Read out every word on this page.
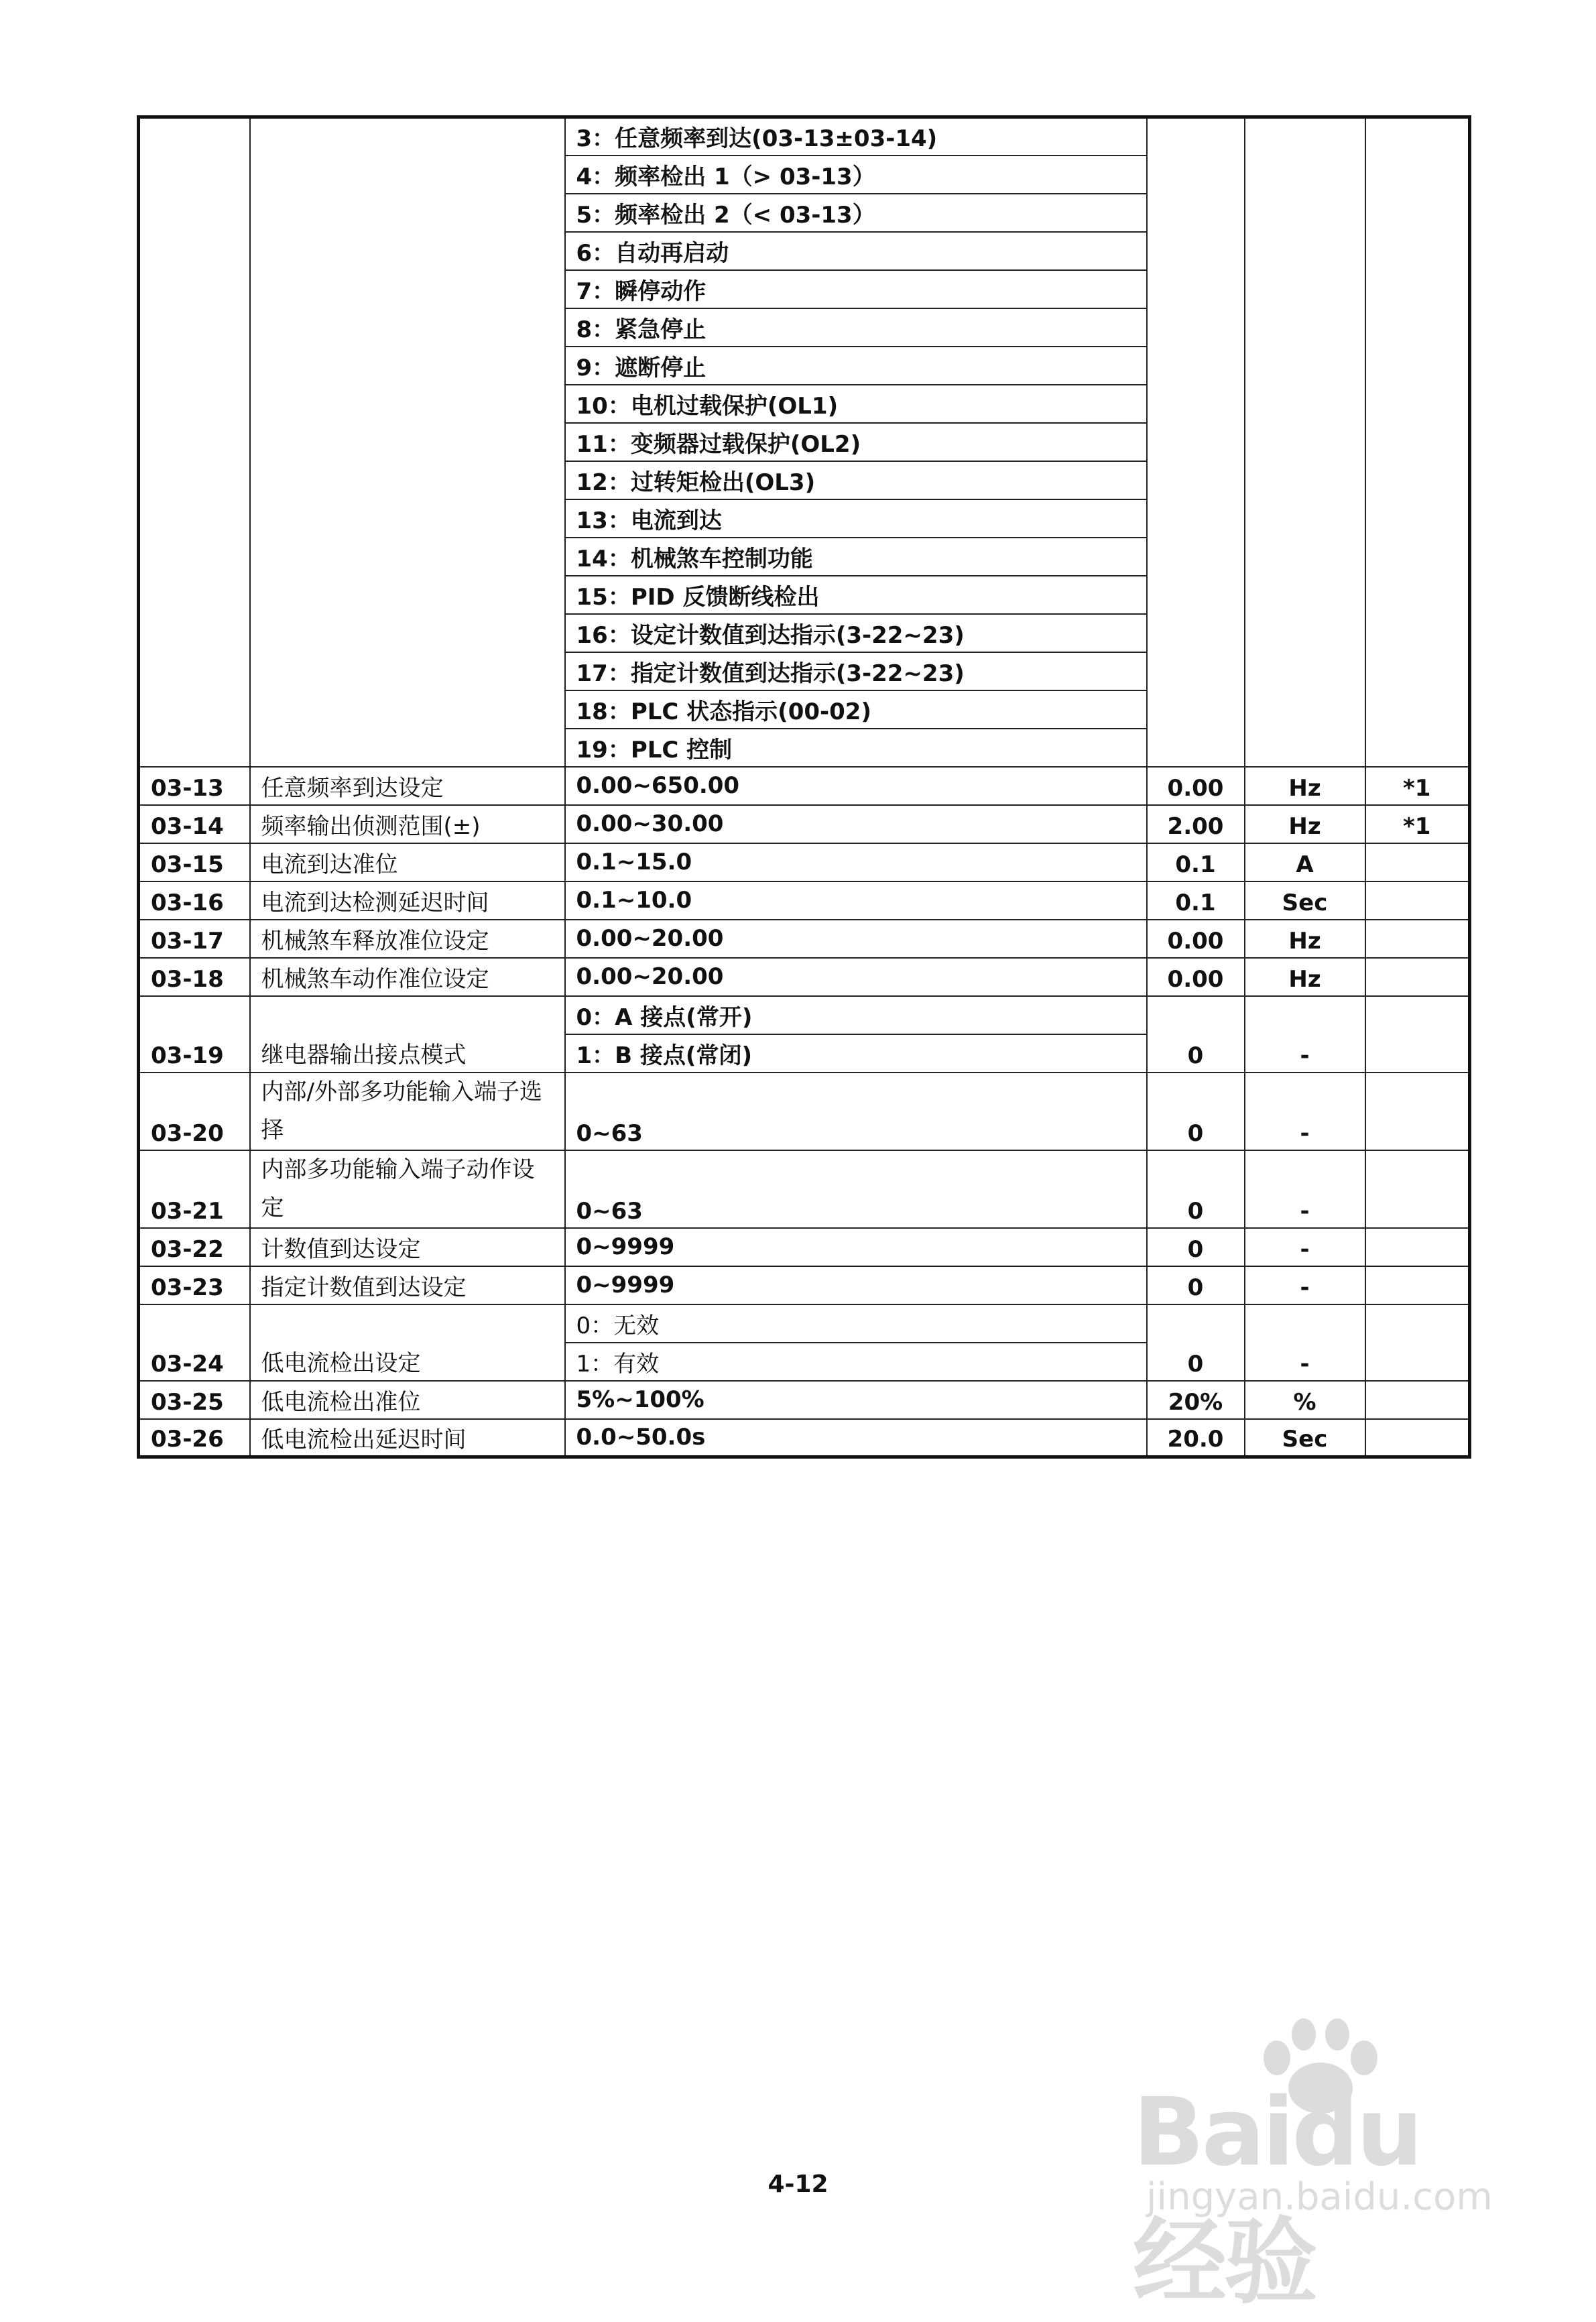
		3：任意频率到达(03-13±03-14)			
		4：频率检出 1（> 03-13）			
		5：频率检出 2（< 03-13）			
		6：自动再启动			
		7：瞬停动作			
		8：紧急停止			
		9：遮断停止			
		10：电机过载保护(OL1)			
		11：变频器过载保护(OL2)			
		12：过转矩检出(OL3)			
		13：电流到达			
		14：机械煞车控制功能			
		15：PID 反馈断线检出			
		16：设定计数值到达指示(3-22~23)			
		17：指定计数值到达指示(3-22~23)			
		18：PLC 状态指示(00-02)			
		19：PLC 控制			
03-13	任意频率到达设定	0.00~650.00	0.00	Hz	*1
03-14	频率输出侦测范围(±)	0.00~30.00	2.00	Hz	*1
03-15	电流到达准位	0.1~15.0	0.1	A	
03-16	电流到达检测延迟时间	0.1~10.0	0.1	Sec	
03-17	机械煞车释放准位设定	0.00~20.00	0.00	Hz	
03-18	机械煞车动作准位设定	0.00~20.00	0.00	Hz	
03-19	继电器输出接点模式	0：A 接点(常开)	0	-	
		1：B 接点(常闭)			
03-20	内部/外部多功能输入端子选择	0~63	0	-	
03-21	内部多功能输入端子动作设定	0~63	0	-	
03-22	计数值到达设定	0~9999	0	-	
03-23	指定计数值到达设定	0~9999	0	-	
03-24	低电流检出设定	0：无效	0	-	
		1：有效			
03-25	低电流检出准位	5%~100%	20%	%	
03-26	低电流检出延迟时间	0.0~50.0s	20.0	Sec	
Baidu 经验
jingyan.baidu.com
4-12
